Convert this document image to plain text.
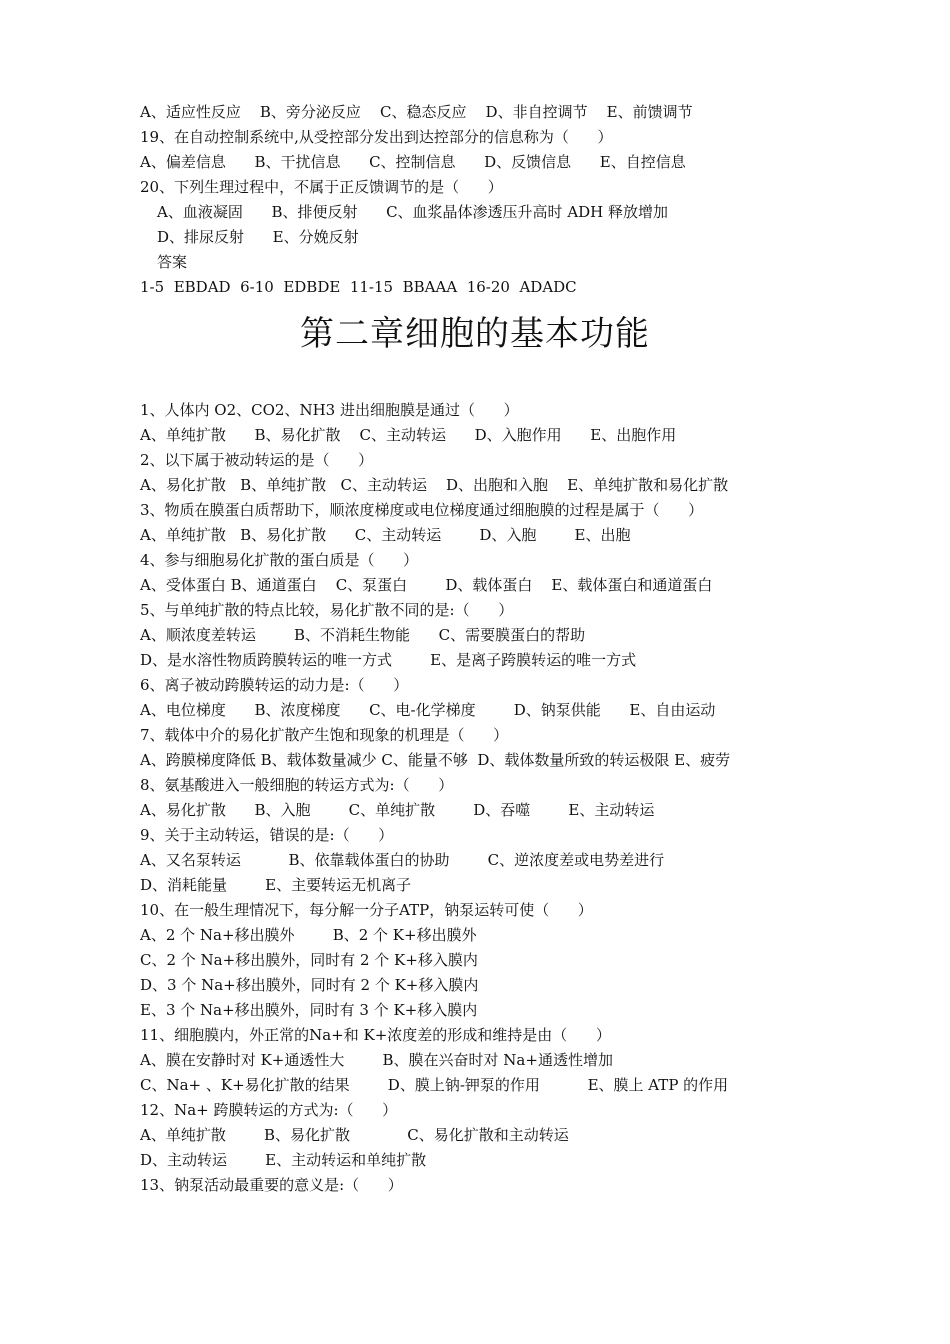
A、适应性反应    B、旁分泌反应    C、稳态反应    D、非自控调节    E、前馈调节
19、在自动控制系统中,从受控部分发出到达控部分的信息称为（      ）
A、偏差信息      B、干扰信息      C、控制信息      D、反馈信息      E、自控信息
20、下列生理过程中，不属于正反馈调节的是（      ）
A、血液凝固      B、排便反射      C、血浆晶体渗透压升高时 ADH 释放增加
D、排尿反射      E、分娩反射
答案
1-5  EBDAD  6-10  EDBDE  11-15  BBAAA  16-20  ADADC
第二章细胞的基本功能
1、人体内 O2、CO2、NH3 进出细胞膜是通过（      ）
A、单纯扩散      B、易化扩散    C、主动转运      D、入胞作用      E、出胞作用
2、以下属于被动转运的是（      ）
A、易化扩散   B、单纯扩散   C、主动转运    D、出胞和入胞    E、单纯扩散和易化扩散
3、物质在膜蛋白质帮助下，顺浓度梯度或电位梯度通过细胞膜的过程是属于（      ）
A、单纯扩散   B、易化扩散      C、主动转运        D、入胞        E、出胞
4、参与细胞易化扩散的蛋白质是（      ）
A、受体蛋白 B、通道蛋白    C、泵蛋白        D、载体蛋白    E、载体蛋白和通道蛋白
5、与单纯扩散的特点比较，易化扩散不同的是:（      ）
A、顺浓度差转运        B、不消耗生物能      C、需要膜蛋白的帮助
D、是水溶性物质跨膜转运的唯一方式        E、是离子跨膜转运的唯一方式
6、离子被动跨膜转运的动力是:（      ）
A、电位梯度      B、浓度梯度      C、电-化学梯度        D、钠泵供能      E、自由运动
7、载体中介的易化扩散产生饱和现象的机理是（      ）
A、跨膜梯度降低 B、载体数量减少 C、能量不够  D、载体数量所致的转运极限 E、疲劳
8、氨基酸进入一般细胞的转运方式为:（      ）
A、易化扩散      B、入胞        C、单纯扩散        D、吞噬        E、主动转运
9、关于主动转运，错误的是:（      ）
A、又名泵转运          B、依靠载体蛋白的协助        C、逆浓度差或电势差进行
D、消耗能量        E、主要转运无机离子
10、在一般生理情况下，每分解一分子ATP，钠泵运转可使（      ）
A、2 个 Na+移出膜外        B、2 个 K+移出膜外
C、2 个 Na+移出膜外，同时有 2 个 K+移入膜内
D、3 个 Na+移出膜外，同时有 2 个 K+移入膜内
E、3 个 Na+移出膜外，同时有 3 个 K+移入膜内
11、细胞膜内，外正常的Na+和 K+浓度差的形成和维持是由（      ）
A、膜在安静时对 K+通透性大        B、膜在兴奋时对 Na+通透性增加
C、Na+ 、K+易化扩散的结果        D、膜上钠-钾泵的作用          E、膜上 ATP 的作用
12、Na+ 跨膜转运的方式为:（      ）
A、单纯扩散        B、易化扩散            C、易化扩散和主动转运
D、主动转运        E、主动转运和单纯扩散
13、钠泵活动最重要的意义是:（      ）
